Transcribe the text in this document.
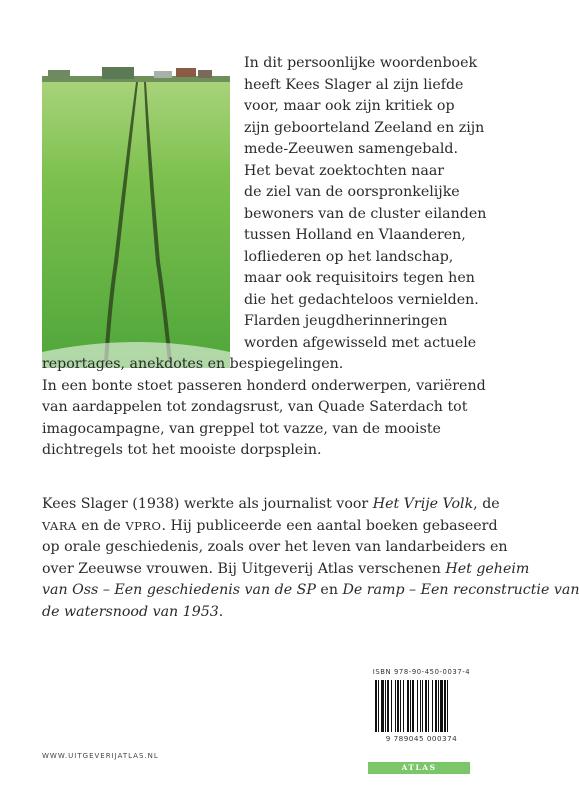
In dit persoonlijke woordenboek
heeft Kees Slager al zijn liefde
voor, maar ook zijn kritiek op
zijn geboorteland Zeeland en zijn
mede-Zeeuwen samengebald.
Het bevat zoektochten naar
de ziel van de oorspronkelijke
bewoners van de cluster eilanden
tussen Holland en Vlaanderen,
lofliederen op het landschap,
maar ook requisitoirs tegen hen
die het gedachteloos vernielden.
Flarden jeugdherinneringen
worden afgewisseld met actuele
reportages, anekdotes en bespiegelingen.
In een bonte stoet passeren honderd onderwerpen, variërend
van aardappelen tot zondagsrust, van Quade Saterdach tot
imagocampagne, van greppel tot vazze, van de mooiste
dichtregels tot het mooiste dorpsplein.
Kees Slager (1938) werkte als journalist voor Het Vrije Volk, de
VARA en de VPRO. Hij publiceerde een aantal boeken gebaseerd
op orale geschiedenis, zoals over het leven van landarbeiders en
over Zeeuwse vrouwen. Bij Uitgeverij Atlas verschenen Het geheim
van Oss – Een geschiedenis van de SP en De ramp – Een reconstructie van
de watersnood van 1953.
ISBN 978-90-450-0037-4
9 789045 000374
WWW.UITGEVERIJATLAS.NL
ATLAS
